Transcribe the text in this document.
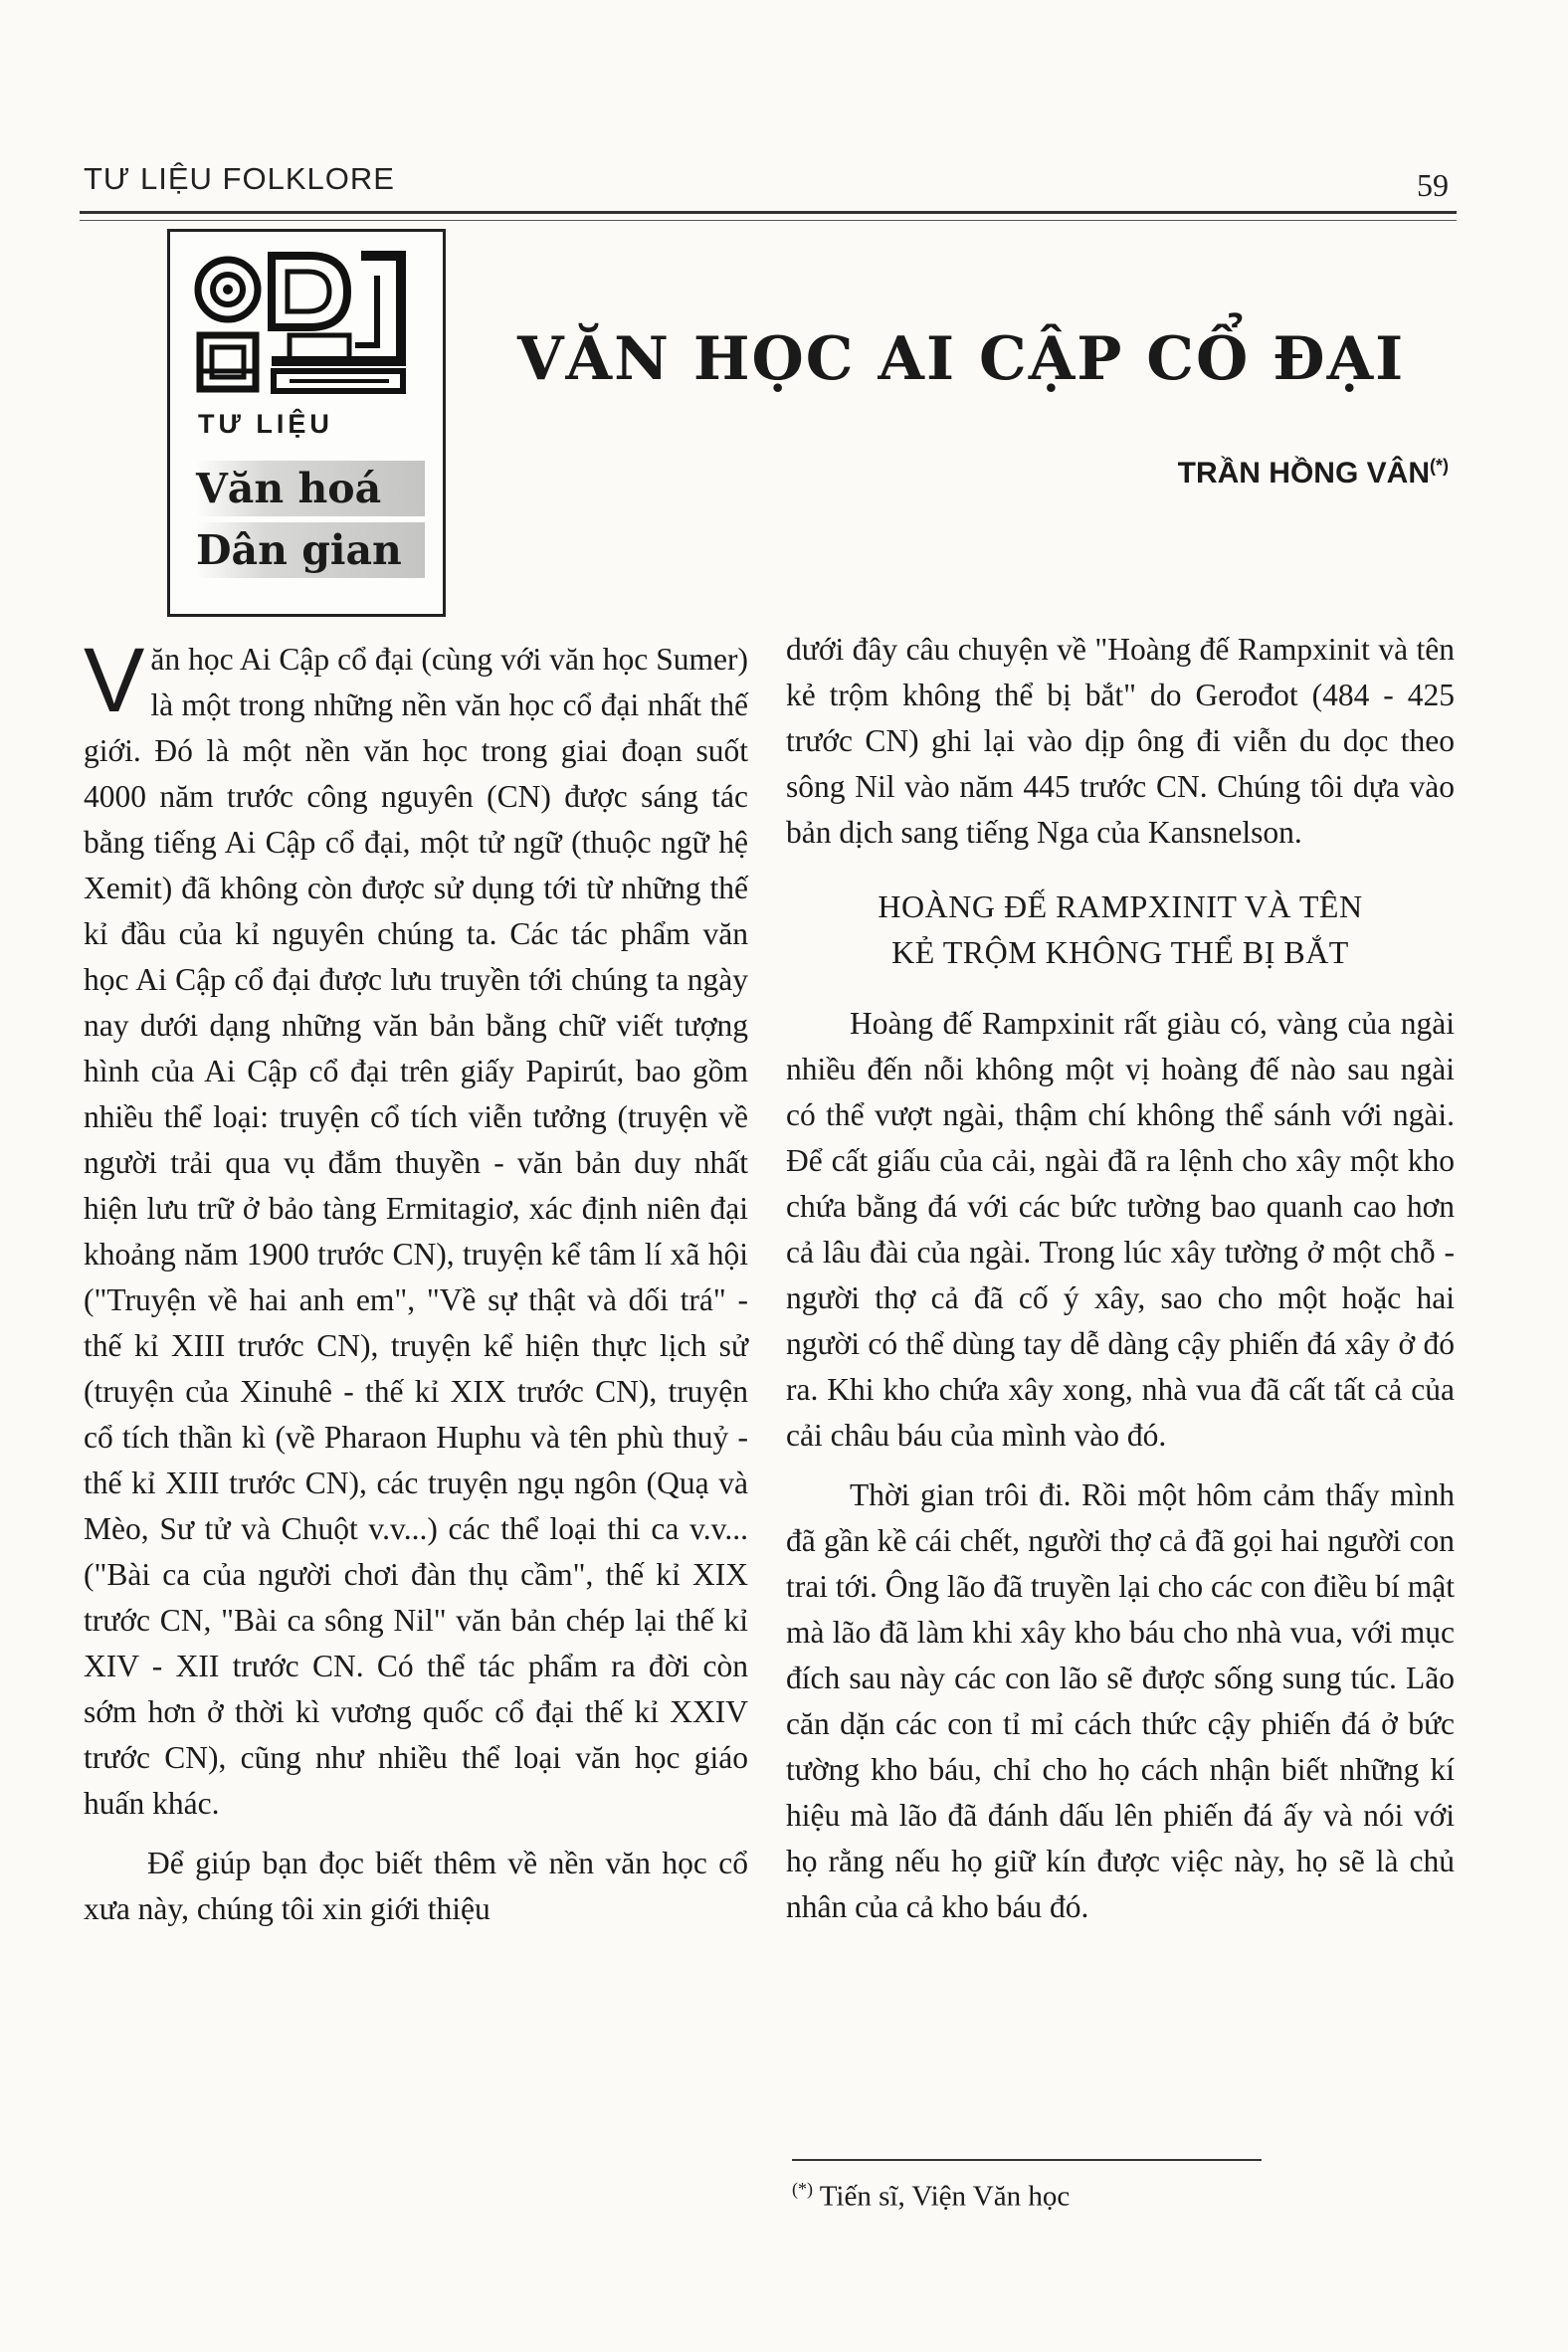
TƯ LIỆU FOLKLORE	59
TƯ LIỆU
Văn hoá
Dân gian
VĂN HỌC AI CẬP CỔ ĐẠI
TRẦN HỒNG VÂN(*)

Văn học Ai Cập cổ đại (cùng với văn học Sumer) là một trong những nền văn học cổ đại nhất thế giới. Đó là một nền văn học trong giai đoạn suốt 4000 năm trước công nguyên (CN) được sáng tác bằng tiếng Ai Cập cổ đại, một tử ngữ (thuộc ngữ hệ Xemit) đã không còn được sử dụng tới từ những thế kỉ đầu của kỉ nguyên chúng ta. Các tác phẩm văn học Ai Cập cổ đại được lưu truyền tới chúng ta ngày nay dưới dạng những văn bản bằng chữ viết tượng hình của Ai Cập cổ đại trên giấy Papirút, bao gồm nhiều thể loại: truyện cổ tích viễn tưởng (truyện về người trải qua vụ đắm thuyền - văn bản duy nhất hiện lưu trữ ở bảo tàng Ermitagiơ, xác định niên đại khoảng năm 1900 trước CN), truyện kể tâm lí xã hội ("Truyện về hai anh em", "Về sự thật và dối trá" - thế kỉ XIII trước CN), truyện kể hiện thực lịch sử (truyện của Xinuhê - thế kỉ XIX trước CN), truyện cổ tích thần kì (về Pharaon Huphu và tên phù thuỷ - thế kỉ XIII trước CN), các truyện ngụ ngôn (Quạ và Mèo, Sư tử và Chuột v.v...) các thể loại thi ca v.v... ("Bài ca của người chơi đàn thụ cầm", thế kỉ XIX trước CN, "Bài ca sông Nil" văn bản chép lại thế kỉ XIV - XII trước CN. Có thể tác phẩm ra đời còn sớm hơn ở thời kì vương quốc cổ đại thế kỉ XXIV trước CN), cũng như nhiều thể loại văn học giáo huấn khác.

Để giúp bạn đọc biết thêm về nền văn học cổ xưa này, chúng tôi xin giới thiệu

dưới đây câu chuyện về "Hoàng đế Rampxinit và tên kẻ trộm không thể bị bắt" do Gerođot (484 - 425 trước CN) ghi lại vào dịp ông đi viễn du dọc theo sông Nil vào năm 445 trước CN. Chúng tôi dựa vào bản dịch sang tiếng Nga của Kansnelson.

HOÀNG ĐẾ RAMPXINIT VÀ TÊN
KẺ TRỘM KHÔNG THỂ BỊ BẮT

Hoàng đế Rampxinit rất giàu có, vàng của ngài nhiều đến nỗi không một vị hoàng đế nào sau ngài có thể vượt ngài, thậm chí không thể sánh với ngài. Để cất giấu của cải, ngài đã ra lệnh cho xây một kho chứa bằng đá với các bức tường bao quanh cao hơn cả lâu đài của ngài. Trong lúc xây tường ở một chỗ - người thợ cả đã cố ý xây, sao cho một hoặc hai người có thể dùng tay dễ dàng cậy phiến đá xây ở đó ra. Khi kho chứa xây xong, nhà vua đã cất tất cả của cải châu báu của mình vào đó.

Thời gian trôi đi. Rồi một hôm cảm thấy mình đã gần kề cái chết, người thợ cả đã gọi hai người con trai tới. Ông lão đã truyền lại cho các con điều bí mật mà lão đã làm khi xây kho báu cho nhà vua, với mục đích sau này các con lão sẽ được sống sung túc. Lão căn dặn các con tỉ mỉ cách thức cậy phiến đá ở bức tường kho báu, chỉ cho họ cách nhận biết những kí hiệu mà lão đã đánh dấu lên phiến đá ấy và nói với họ rằng nếu họ giữ kín được việc này, họ sẽ là chủ nhân của cả kho báu đó.

(*) Tiến sĩ, Viện Văn học
